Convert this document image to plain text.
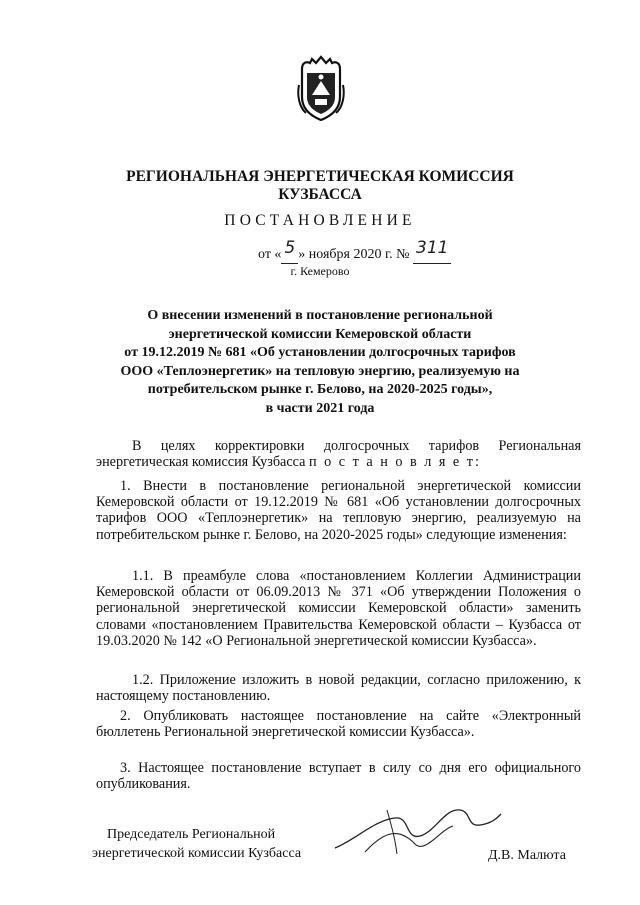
РЕГИОНАЛЬНАЯ ЭНЕРГЕТИЧЕСКАЯ КОМИССИЯ
КУЗБАССА
ПОСТАНОВЛЕНИЕ
от « 5 » ноября 2020 г. № 311
г. Кемерово
О внесении изменений в постановление региональной
энергетической комиссии Кемеровской области
от 19.12.2019 № 681 «Об установлении долгосрочных тарифов
ООО «Теплоэнергетик» на тепловую энергию, реализуемую на
потребительском рынке г. Белово, на 2020-2025 годы»,
в части 2021 года
В целях корректировки долгосрочных тарифов Региональная энергетическая комиссия Кузбасса п о с т а н о в л я е т:
1. Внести в постановление региональной энергетической комиссии Кемеровской области от 19.12.2019 № 681 «Об установлении долгосрочных тарифов ООО «Теплоэнергетик» на тепловую энергию, реализуемую на потребительском рынке г. Белово, на 2020-2025 годы» следующие изменения:
1.1. В преамбуле слова «постановлением Коллегии Администрации Кемеровской области от 06.09.2013 № 371 «Об утверждении Положения о региональной энергетической комиссии Кемеровской области» заменить словами «постановлением Правительства Кемеровской области – Кузбасса от 19.03.2020 № 142 «О Региональной энергетической комиссии Кузбасса».
1.2. Приложение изложить в новой редакции, согласно приложению, к настоящему постановлению.
2. Опубликовать настоящее постановление на сайте «Электронный бюллетень Региональной энергетической комиссии Кузбасса».
3. Настоящее постановление вступает в силу со дня его официального опубликования.
Председатель Региональной
энергетической комиссии Кузбасса	Д.В. Малюта
